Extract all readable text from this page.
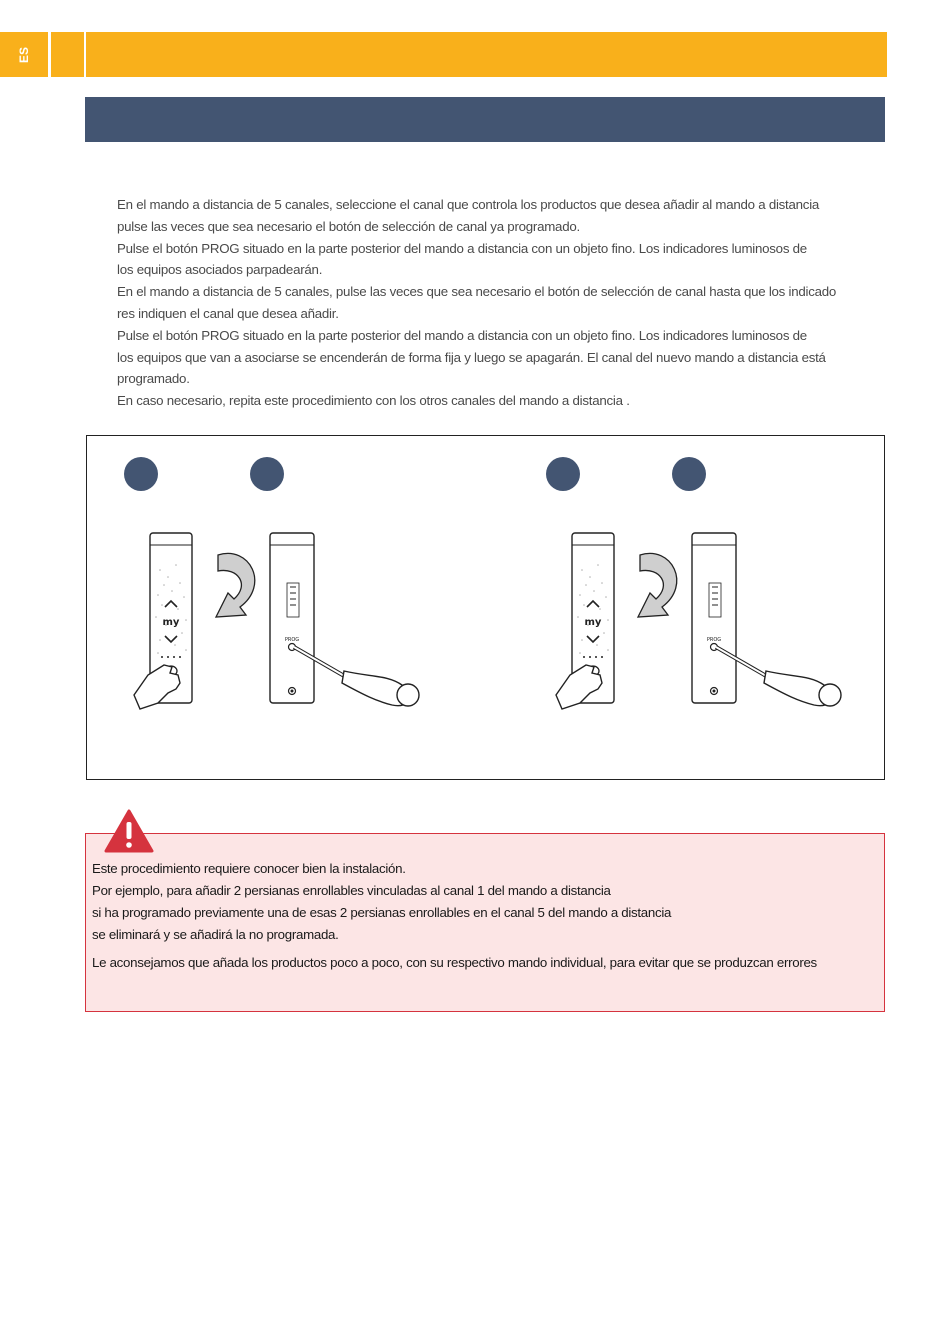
ES

En el mando a distancia de 5 canales, seleccione el canal que controla los productos que desea añadir al mando a distancia

pulse las veces que sea necesario el botón de selección de canal ya programado.

Pulse el botón PROG situado en la parte posterior del mando a distancia con un objeto fino. Los indicadores luminosos de

los equipos asociados parpadearán.

En el mando a distancia de 5 canales, pulse las veces que sea necesario el botón de selección de canal hasta que los indicado

res indiquen el canal que desea añadir.

Pulse el botón PROG situado en la parte posterior del mando a distancia con un objeto fino. Los indicadores luminosos de

los equipos que van a asociarse se encenderán de forma fija y luego se apagarán. El canal del nuevo mando a distancia está

programado.

En caso necesario, repita este procedimiento con los otros canales del mando a distancia .

my
PROG
my
PROG

Este procedimiento requiere conocer bien la instalación.

Por ejemplo, para añadir 2 persianas enrollables vinculadas al canal 1 del mando a distancia

si ha programado previamente una de esas 2 persianas enrollables en el canal 5 del mando a distancia

se eliminará y se añadirá la no programada.

Le aconsejamos que añada los productos poco a poco, con su respectivo mando individual, para evitar que se produzcan errores
